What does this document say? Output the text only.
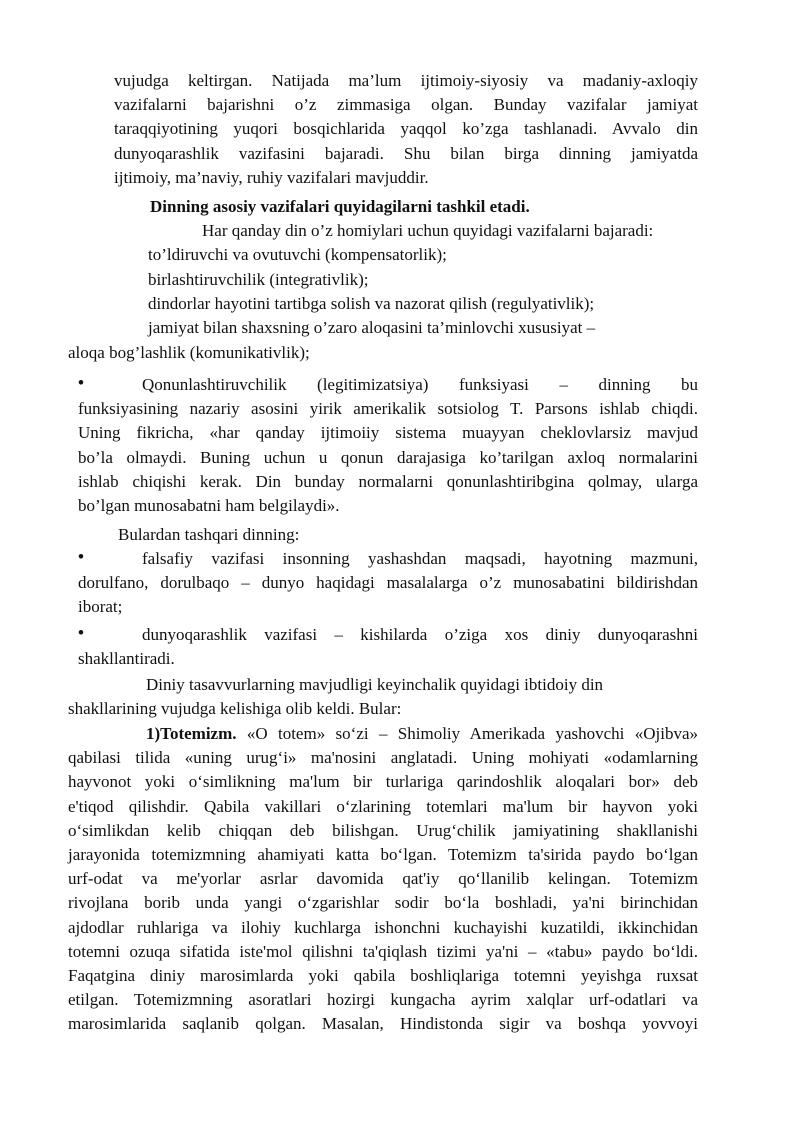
vujudga keltirgan. Natijada ma’lum ijtimoiy-siyosiy va madaniy-axloqiy

vazifalarni bajarishni o’z zimmasiga olgan. Bunday vazifalar jamiyat

taraqqiyotining yuqori bosqichlarida yaqqol ko’zga tashlanadi. Avvalo din

dunyoqarashlik vazifasini bajaradi. Shu bilan birga dinning jamiyatda

ijtimoiy, ma’naviy, ruhiy vazifalari mavjuddir.

Dinning asosiy vazifalari quyidagilarni tashkil etadi.

Har qanday din o’z homiylari uchun quyidagi vazifalarni bajaradi:

to’ldiruvchi va ovutuvchi (kompensatorlik);

birlashtiruvchilik (integrativlik);

dindorlar hayotini tartibga solish va nazorat qilish (regulyativlik);

jamiyat bilan shaxsning o’zaro aloqasini ta’minlovchi xususiyat –

aloqa bog’lashlik (komunikativlik);

•	Qonunlashtiruvchilik (legitimizatsiya) funksiyasi – dinning bu

funksiyasining nazariy asosini yirik amerikalik sotsiolog T. Parsons ishlab chiqdi.

Uning fikricha, «har qanday ijtimoiiy sistema muayyan cheklovlarsiz mavjud

bo’la olmaydi. Buning uchun u qonun darajasiga ko’tarilgan axloq normalarini

ishlab chiqishi kerak. Din bunday normalarni qonunlashtiribgina qolmay, ularga

bo’lgan munosabatni ham belgilaydi».

Bulardan tashqari dinning:

•	falsafiy vazifasi insonning yashashdan maqsadi, hayotning mazmuni,

dorulfano, dorulbaqo – dunyo haqidagi masalalarga o’z munosabatini bildirishdan

iborat;

•	dunyoqarashlik vazifasi – kishilarda o’ziga xos diniy dunyoqarashni

shakllantiradi.

Diniy tasavvurlarning mavjudligi keyinchalik quyidagi ibtidoiy din

shakllarining vujudga kelishiga olib keldi. Bular:

1)Totemizm. «O totem» so‘zi – Shimoliy Amerikada yashovchi «Ojibva»

qabilasi tilida «uning urug‘i» ma'nosini anglatadi. Uning mohiyati «odamlarning

hayvonot yoki o‘simlikning ma'lum bir turlariga qarindoshlik aloqalari bor» deb

e'tiqod qilishdir. Qabila vakillari o‘zlarining totemlari ma'lum bir hayvon yoki

o‘simlikdan kelib chiqqan deb bilishgan. Urug‘chilik jamiyatining shakllanishi

jarayonida totemizmning ahamiyati katta bo‘lgan. Totemizm ta'sirida paydo bo‘lgan

urf-odat va me'yorlar asrlar davomida qat'iy qo‘llanilib kelingan. Totemizm

rivojlana borib unda yangi o‘zgarishlar sodir bo‘la boshladi, ya'ni birinchidan

ajdodlar ruhlariga va ilohiy kuchlarga ishonchni kuchayishi kuzatildi, ikkinchidan

totemni ozuqa sifatida iste'mol qilishni ta'qiqlash tizimi ya'ni – «tabu» paydo bo‘ldi.

Faqatgina diniy marosimlarda yoki qabila boshliqlariga totemni yeyishga ruxsat

etilgan. Totemizmning asoratlari hozirgi kungacha ayrim xalqlar urf-odatlari va

marosimlarida saqlanib qolgan. Masalan, Hindistonda sigir va boshqa yovvoyi
